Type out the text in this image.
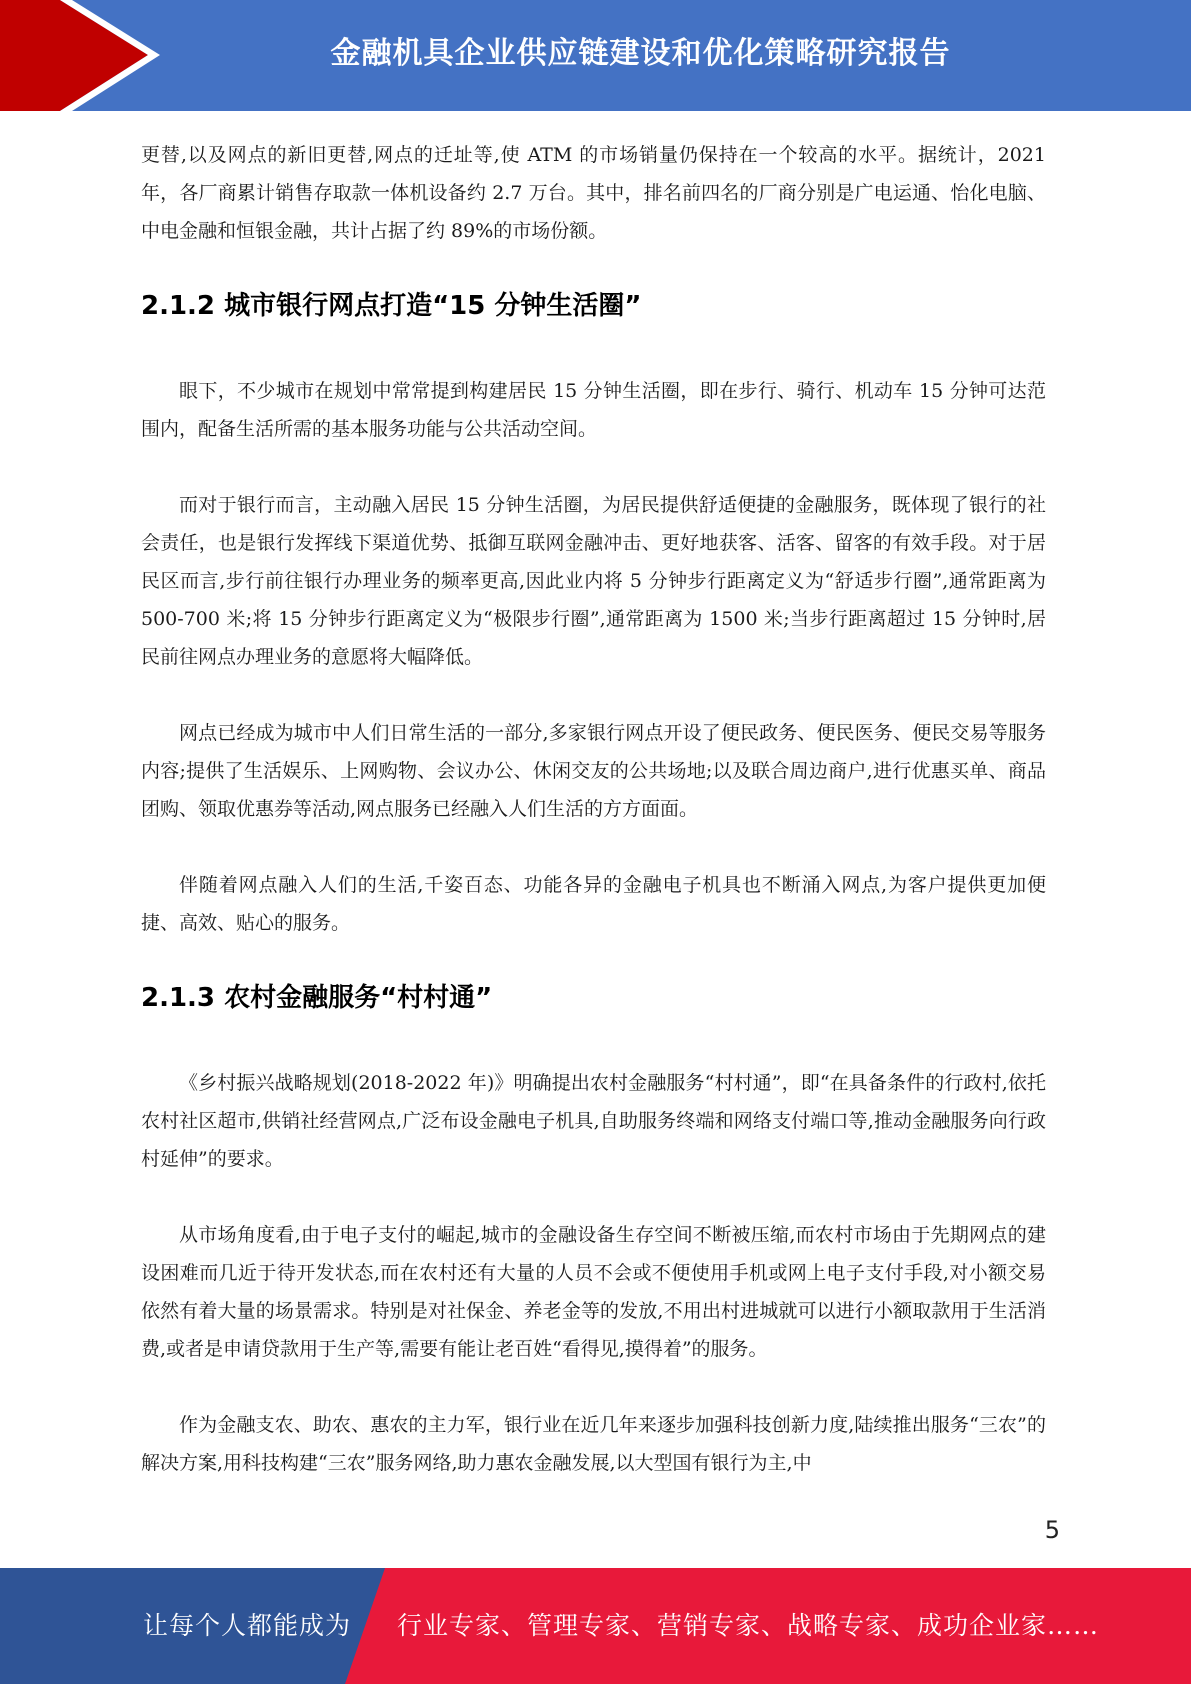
金融机具企业供应链建设和优化策略研究报告

更替,以及网点的新旧更替,网点的迁址等,使 ATM 的市场销量仍保持在一个较高的水平。据统计，2021 年，各厂商累计销售存取款一体机设备约 2.7 万台。其中，排名前四名的厂商分别是广电运通、怡化电脑、中电金融和恒银金融，共计占据了约 89%的市场份额。

2.1.2 城市银行网点打造“15 分钟生活圈”

眼下，不少城市在规划中常常提到构建居民 15 分钟生活圈，即在步行、骑行、机动车 15 分钟可达范围内，配备生活所需的基本服务功能与公共活动空间。

而对于银行而言，主动融入居民 15 分钟生活圈，为居民提供舒适便捷的金融服务，既体现了银行的社会责任，也是银行发挥线下渠道优势、抵御互联网金融冲击、更好地获客、活客、留客的有效手段。对于居民区而言,步行前往银行办理业务的频率更高,因此业内将 5 分钟步行距离定义为“舒适步行圈”,通常距离为 500-700 米;将 15 分钟步行距离定义为“极限步行圈”,通常距离为 1500 米;当步行距离超过 15 分钟时,居民前往网点办理业务的意愿将大幅降低。

网点已经成为城市中人们日常生活的一部分,多家银行网点开设了便民政务、便民医务、便民交易等服务内容;提供了生活娱乐、上网购物、会议办公、休闲交友的公共场地;以及联合周边商户,进行优惠买单、商品团购、领取优惠券等活动,网点服务已经融入人们生活的方方面面。

伴随着网点融入人们的生活,千姿百态、功能各异的金融电子机具也不断涌入网点,为客户提供更加便捷、高效、贴心的服务。

2.1.3 农村金融服务“村村通”

《乡村振兴战略规划(2018-2022 年)》明确提出农村金融服务“村村通”，即“在具备条件的行政村,依托农村社区超市,供销社经营网点,广泛布设金融电子机具,自助服务终端和网络支付端口等,推动金融服务向行政村延伸”的要求。

从市场角度看,由于电子支付的崛起,城市的金融设备生存空间不断被压缩,而农村市场由于先期网点的建设困难而几近于待开发状态,而在农村还有大量的人员不会或不便使用手机或网上电子支付手段,对小额交易依然有着大量的场景需求。特别是对社保金、养老金等的发放,不用出村进城就可以进行小额取款用于生活消费,或者是申请贷款用于生产等,需要有能让老百姓“看得见,摸得着”的服务。

作为金融支农、助农、惠农的主力军，银行业在近几年来逐步加强科技创新力度,陆续推出服务“三农”的解决方案,用科技构建“三农”服务网络,助力惠农金融发展,以大型国有银行为主,中

5
让每个人都能成为 行业专家、管理专家、营销专家、战略专家、成功企业家……
